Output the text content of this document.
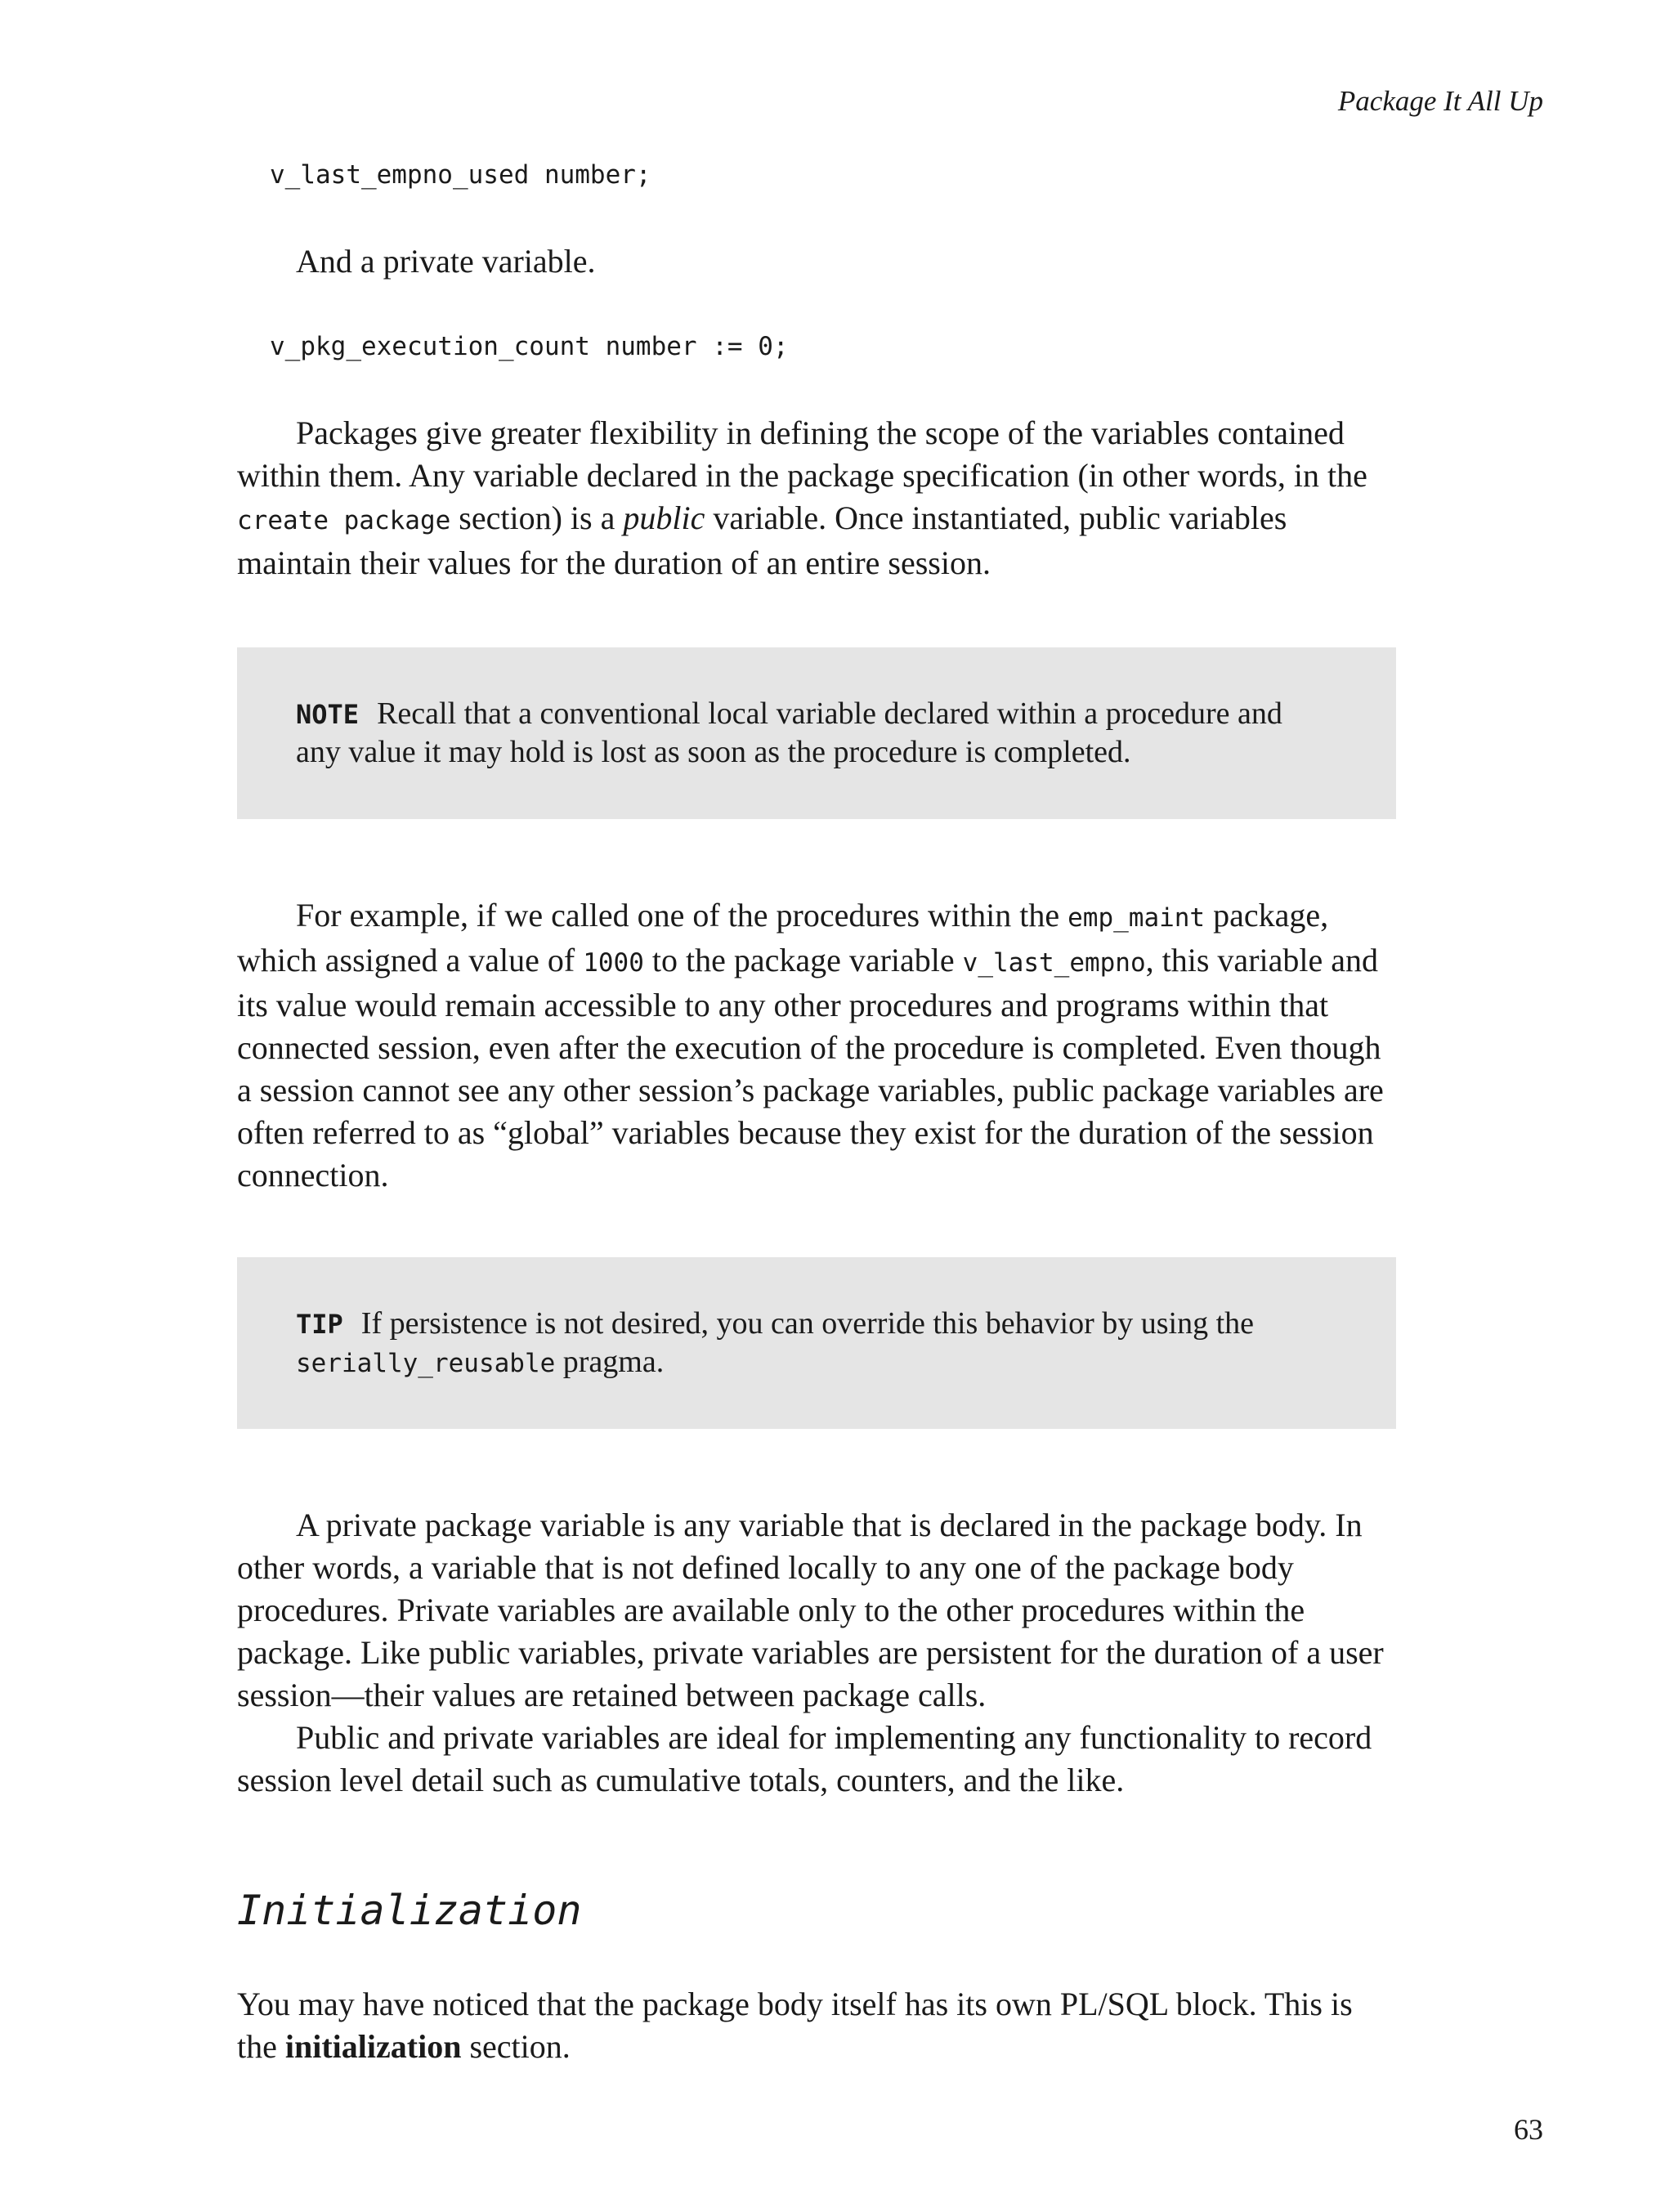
Package It All Up
v_last_empno_used number;

And a private variable.

v_pkg_execution_count number := 0;

Packages give greater flexibility in defining the scope of the variables contained within them. Any variable declared in the package specification (in other words, in the create package section) is a public variable. Once instantiated, public variables maintain their values for the duration of an entire session.

NOTE Recall that a conventional local variable declared within a procedure and any value it may hold is lost as soon as the procedure is completed.

For example, if we called one of the procedures within the emp_maint package, which assigned a value of 1000 to the package variable v_last_empno, this variable and its value would remain accessible to any other procedures and programs within that connected session, even after the execution of the procedure is completed. Even though a session cannot see any other session’s package variables, public package variables are often referred to as “global” variables because they exist for the duration of the session connection.

TIP If persistence is not desired, you can override this behavior by using the serially_reusable pragma.

A private package variable is any variable that is declared in the package body. In other words, a variable that is not defined locally to any one of the package body procedures. Private variables are available only to the other procedures within the package. Like public variables, private variables are persistent for the duration of a user session—their values are retained between package calls.

Public and private variables are ideal for implementing any functionality to record session level detail such as cumulative totals, counters, and the like.

Initialization

You may have noticed that the package body itself has its own PL/SQL block. This is the initialization section.

63
